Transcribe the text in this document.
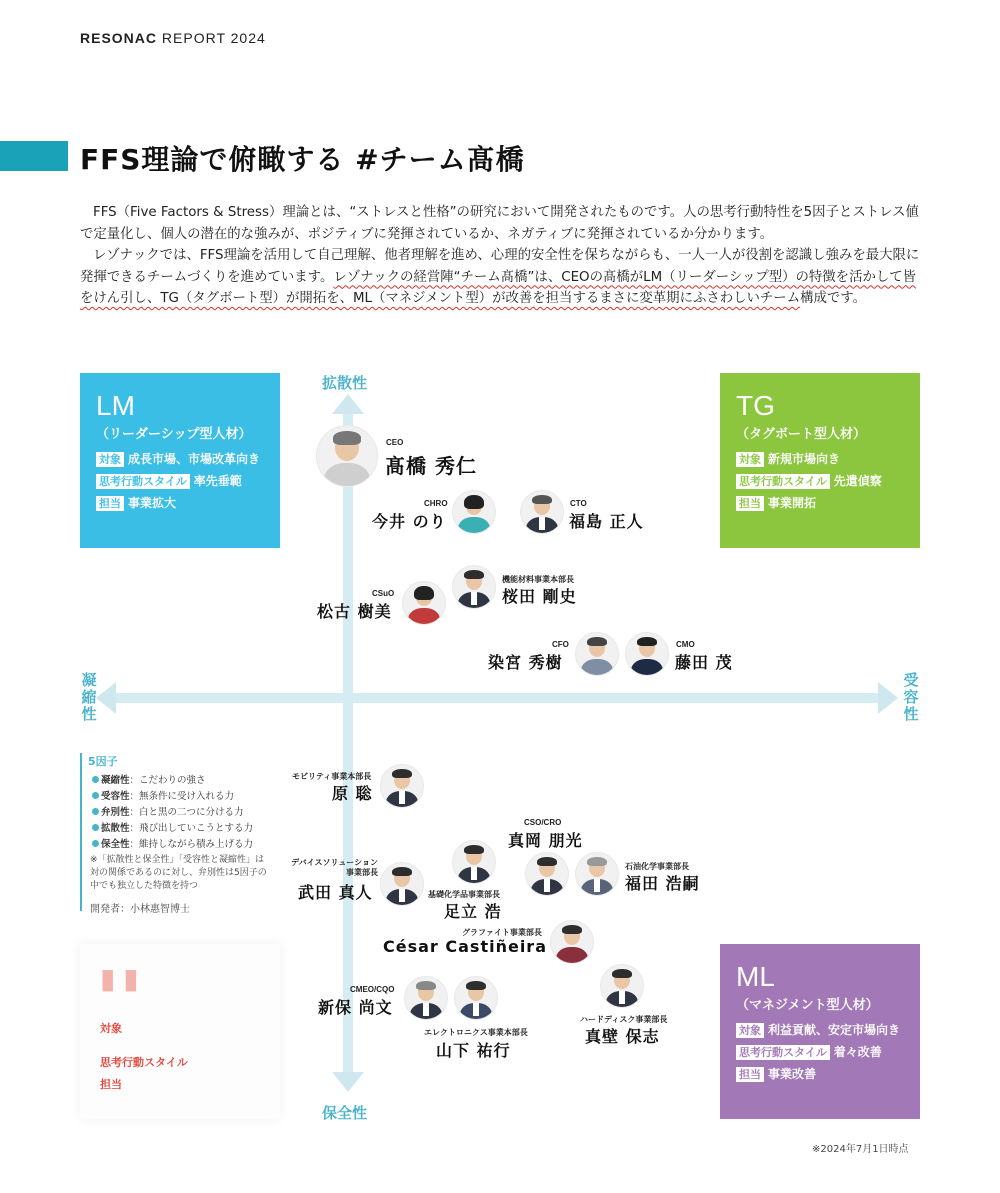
RESONAC REPORT 2024
FFS理論で俯瞰する #チーム髙橋

FFS（Five Factors & Stress）理論とは、“ストレスと性格”の研究において開発されたものです。人の思考行動特性を5因子とストレス値で定量化し、個人の潜在的な強みが、ポジティブに発揮されているか、ネガティブに発揮されているか分かります。

レゾナックでは、FFS理論を活用して自己理解、他者理解を進め、心理的安全性を保ちながらも、一人一人が役割を認識し強みを最大限に発揮できるチームづくりを進めています。レゾナックの経営陣“チーム髙橋”は、CEOの髙橋がLM（リーダーシップ型）の特徴を活かして皆をけん引し、TG（タグボート型）が開拓を、ML（マネジメント型）が改善を担当するまさに変革期にふさわしいチーム構成です。

拡散性
保全性
凝縮性
受容性
LM
（リーダーシップ型人材）
対象 成長市場、市場改革向き
思考行動スタイル 率先垂範
担当 事業拡大
TG
（タグボート型人材）
対象 新規市場向き
思考行動スタイル 先遣偵察
担当 事業開拓
ML
（マネジメント型人材）
対象 利益貢献、安定市場向き
思考行動スタイル 着々改善
担当 事業改善
▮ ▮
対象
思考行動スタイル
担当
CEO
髙橋 秀仁
CHRO
今井 のり
CTO
福島 正人
機能材料事業本部長
桜田 剛史
CSuO
松古 樹美
CFO
染宮 秀樹
CMO
藤田 茂
モビリティ事業本部長
原 聡
CSO/CRO
真岡 朋光
デバイスソリューション事業部長
武田 真人	基礎化学品事業部長
足立 浩
石油化学事業部長
福田 浩嗣
グラファイト事業部長
César Castiñeira
CMEO/CQO
新保 尚文
エレクトロニクス事業本部長
山下 祐行
ハードディスク事業部長
真壁 保志
5因子
凝縮性：こだわりの強さ
受容性：無条件に受け入れる力
弁別性：白と黒の二つに分ける力
拡散性：飛び出していこうとする力
保全性：維持しながら積み上げる力
※「拡散性と保全性」「受容性と凝縮性」は対の関係であるのに対し、弁別性は5因子の中でも独立した特徴を持つ
開発者：小林惠智博士
※2024年7月1日時点
